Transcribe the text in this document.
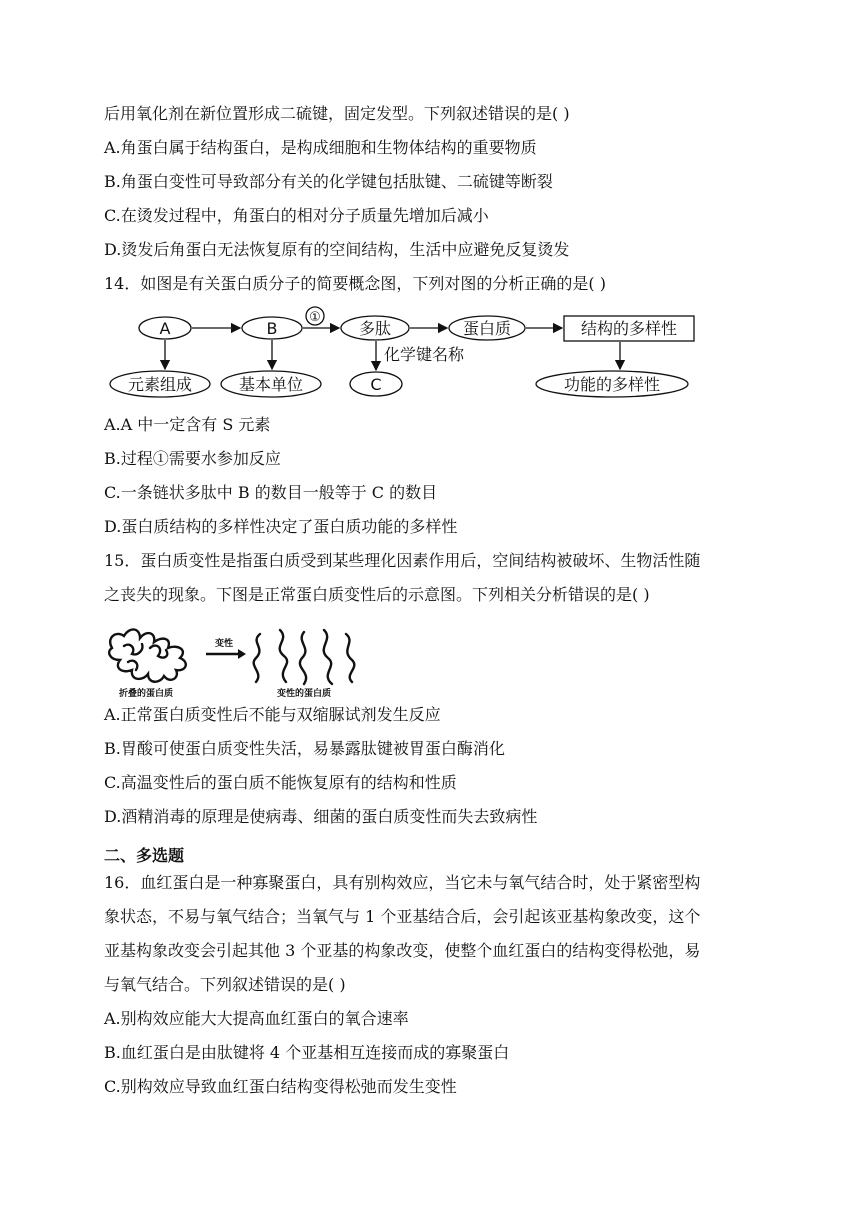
后用氧化剂在新位置形成二硫键，固定发型。下列叙述错误的是( )
A.角蛋白属于结构蛋白，是构成细胞和生物体结构的重要物质
B.角蛋白变性可导致部分有关的化学键包括肽键、二硫键等断裂
C.在烫发过程中，角蛋白的相对分子质量先增加后减小
D.烫发后角蛋白无法恢复原有的空间结构，生活中应避免反复烫发
14．如图是有关蛋白质分子的简要概念图，下列对图的分析正确的是( )
A	B
①
多肽	蛋白质	结构的多样性
化学键名称
元素组成	基本单位	C	功能的多样性
A.A 中一定含有 S 元素
B.过程①需要水参加反应
C.一条链状多肽中 B 的数目一般等于 C 的数目
D.蛋白质结构的多样性决定了蛋白质功能的多样性
15．蛋白质变性是指蛋白质受到某些理化因素作用后，空间结构被破坏、生物活性随
之丧失的现象。下图是正常蛋白质变性后的示意图。下列相关分析错误的是( )
变性
折叠的蛋白质	变性的蛋白质
A.正常蛋白质变性后不能与双缩脲试剂发生反应
B.胃酸可使蛋白质变性失活，易暴露肽键被胃蛋白酶消化
C.高温变性后的蛋白质不能恢复原有的结构和性质
D.酒精消毒的原理是使病毒、细菌的蛋白质变性而失去致病性
二、多选题
16．血红蛋白是一种寡聚蛋白，具有别构效应，当它未与氧气结合时，处于紧密型构
象状态，不易与氧气结合；当氧气与 1 个亚基结合后，会引起该亚基构象改变，这个
亚基构象改变会引起其他 3 个亚基的构象改变，使整个血红蛋白的结构变得松弛，易
与氧气结合。下列叙述错误的是( )
A.别构效应能大大提高血红蛋白的氧合速率
B.血红蛋白是由肽键将 4 个亚基相互连接而成的寡聚蛋白
C.别构效应导致血红蛋白结构变得松弛而发生变性
